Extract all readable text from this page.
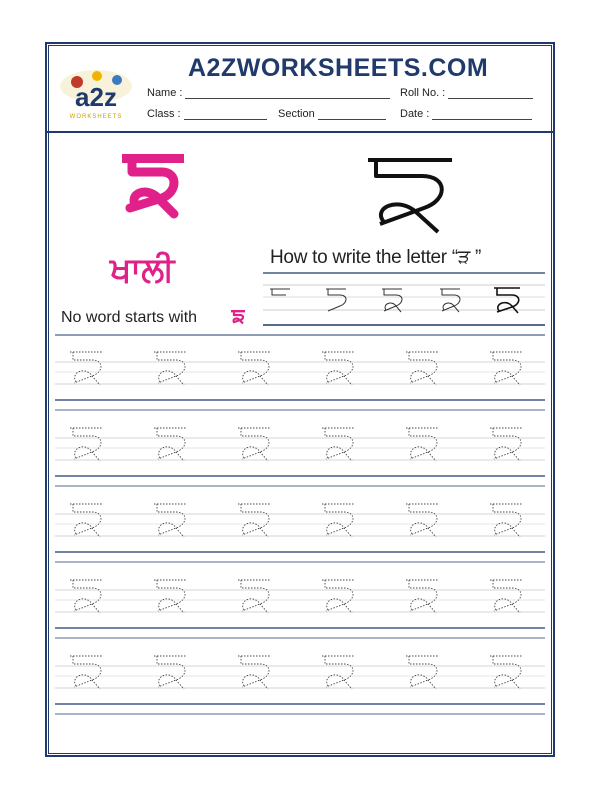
a2z
WORKSHEETS
A2ZWORKSHEETS.COM
Name :	Roll No. :
Class :	Section	Date :
ਖਾਲੀ	How to write the letter “ੜ ”
No word starts with
